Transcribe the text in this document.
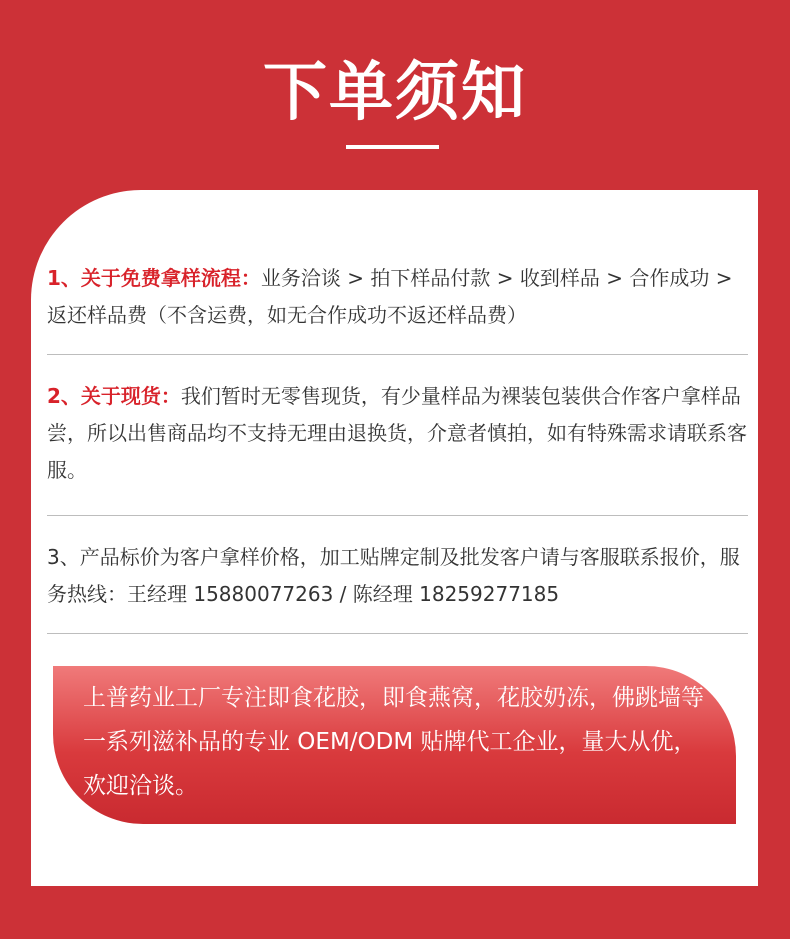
下单须知
1、关于免费拿样流程：业务洽谈 > 拍下样品付款 > 收到样品 > 合作成功 > 返还样品费（不含运费，如无合作成功不返还样品费）
2、关于现货：我们暂时无零售现货，有少量样品为裸装包装供合作客户拿样品尝，所以出售商品均不支持无理由退换货，介意者慎拍，如有特殊需求请联系客服。
3、产品标价为客户拿样价格，加工贴牌定制及批发客户请与客服联系报价，服务热线：王经理 15880077263 / 陈经理 18259277185
上普药业工厂专注即食花胶，即食燕窝，花胶奶冻，佛跳墙等一系列滋补品的专业 OEM/ODM 贴牌代工企业，量大从优，欢迎洽谈。
